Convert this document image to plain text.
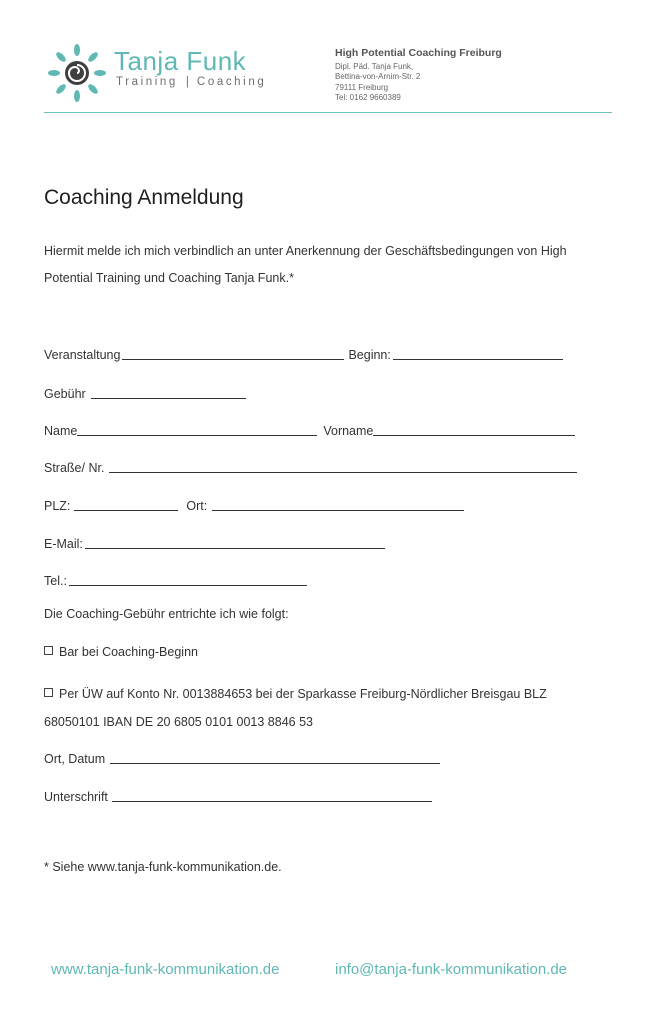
Tanja Funk
Training | Coaching
High Potential Coaching Freiburg
Dipl. Päd. Tanja Funk,
Bettina-von-Arnim-Str. 2
79111 Freiburg
Tel: 0162 9660389
Coaching Anmeldung
Hiermit melde ich mich verbindlich an unter Anerkennung der Geschäftsbedingungen von High Potential Training und Coaching Tanja Funk.*
Veranstaltung	Beginn:
Gebühr
Name	Vorname
Straße/ Nr.
PLZ:	Ort:
E-Mail:
Tel.:
Die Coaching-Gebühr entrichte ich wie folgt:
Bar bei Coaching-Beginn
Per ÜW auf Konto Nr. 0013884653 bei der Sparkasse Freiburg-Nördlicher Breisgau BLZ 68050101 IBAN DE 20 6805 0101 0013 8846 53
Ort, Datum
Unterschrift
* Siehe www.tanja-funk-kommunikation.de.
www.tanja-funk-kommunikation.de	info@tanja-funk-kommunikation.de
